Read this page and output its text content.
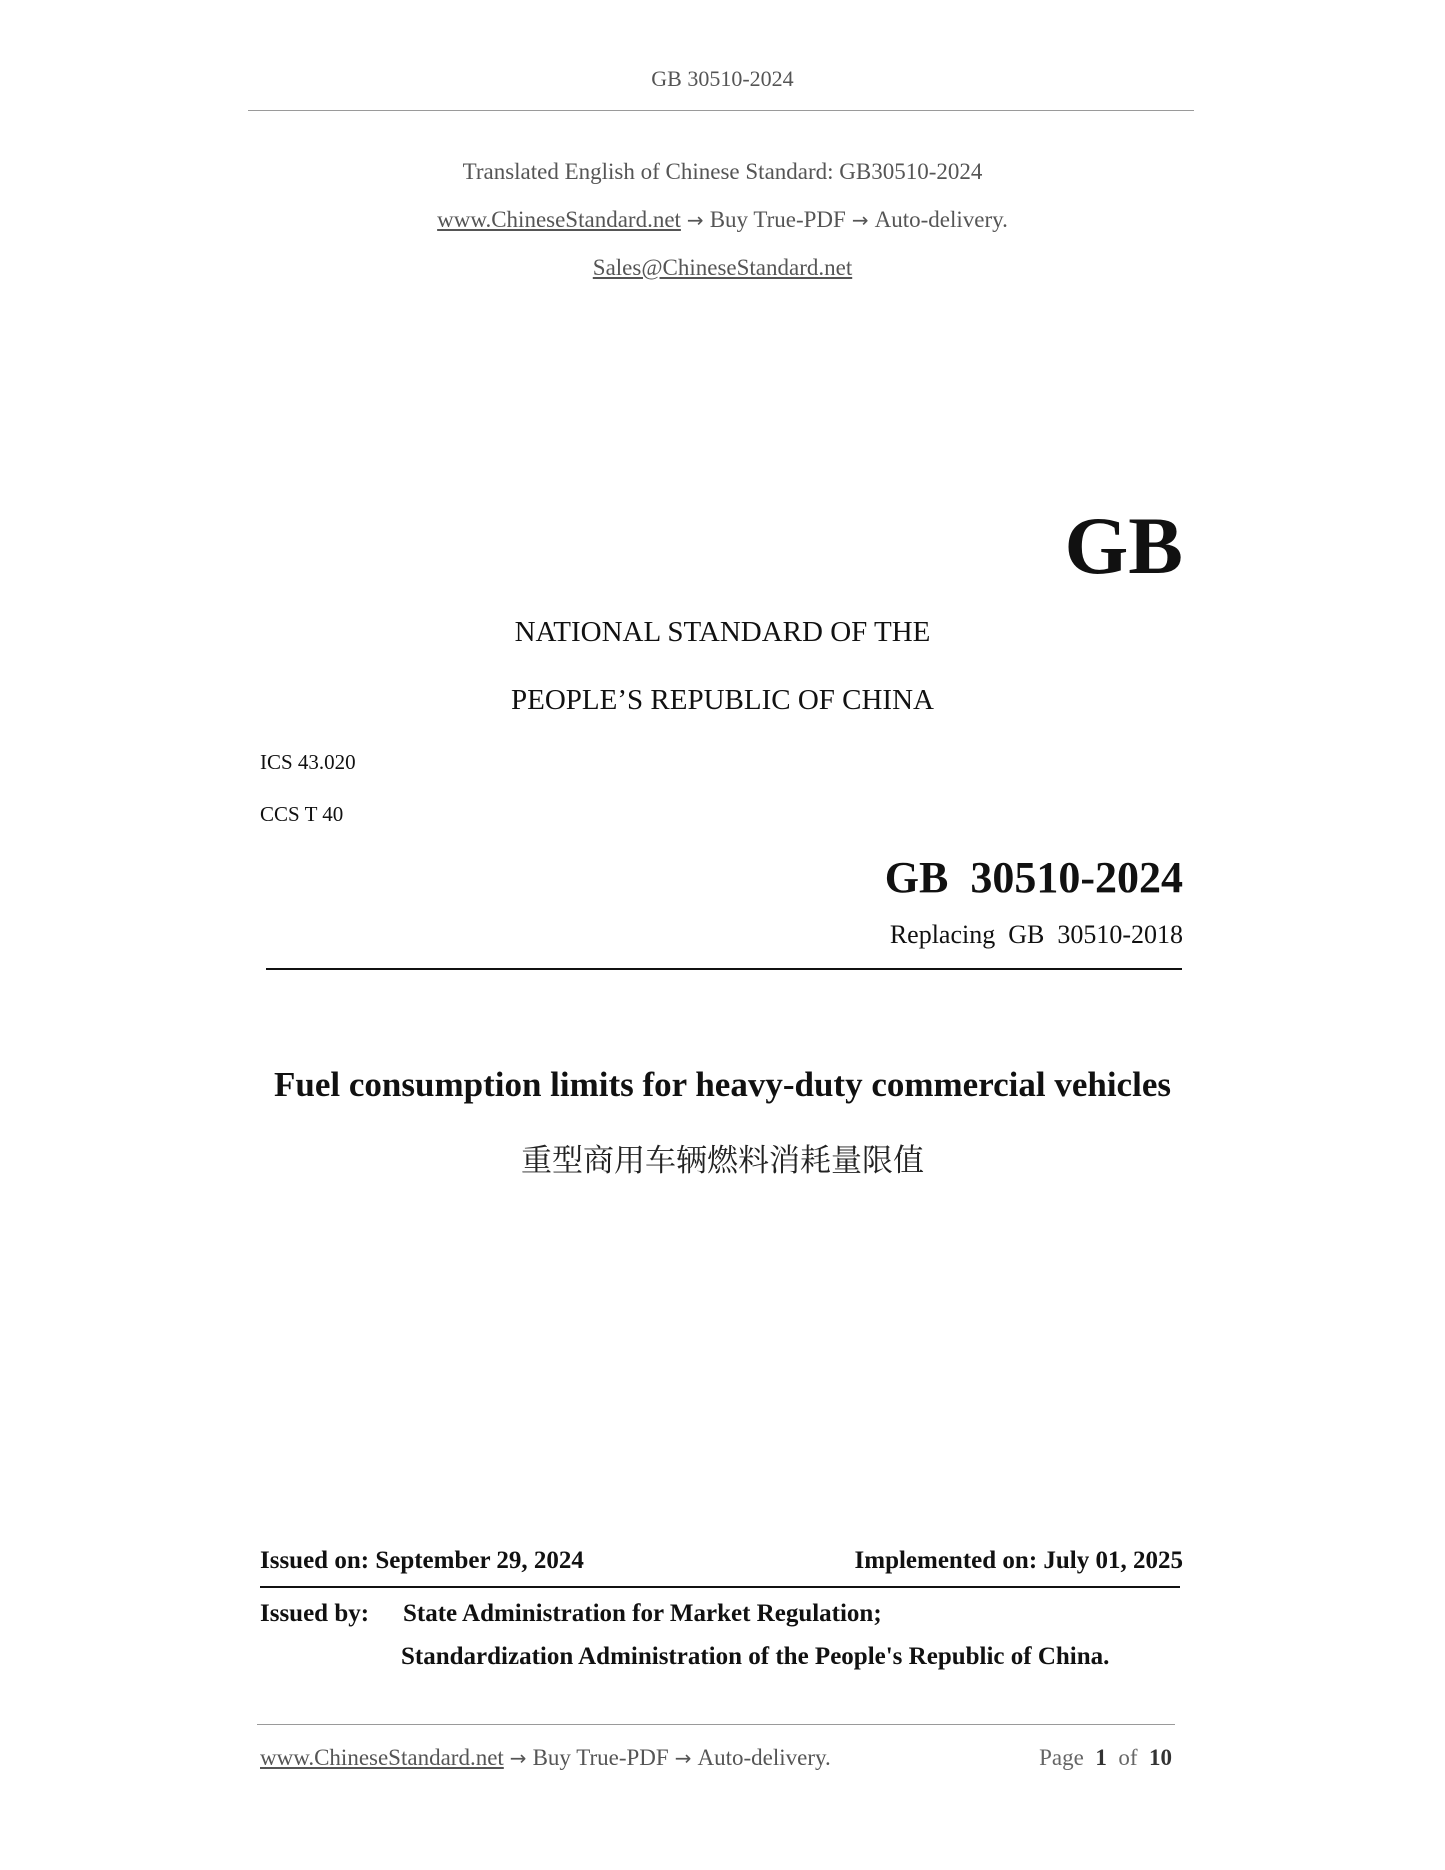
GB 30510-2024
Translated English of Chinese Standard: GB30510-2024
www.ChineseStandard.net → Buy True-PDF → Auto-delivery.
Sales@ChineseStandard.net
GB
NATIONAL STANDARD OF THE
PEOPLE’S REPUBLIC OF CHINA
ICS 43.020
CCS T 40
GB  30510-2024
Replacing  GB  30510-2018
Fuel consumption limits for heavy-duty commercial vehicles
重型商用车辆燃料消耗量限值
Issued on: September 29, 2024	Implemented on: July 01, 2025
Issued by: State Administration for Market Regulation;
Standardization Administration of the People's Republic of China.
www.ChineseStandard.net → Buy True-PDF → Auto-delivery.	Page 1 of 10
